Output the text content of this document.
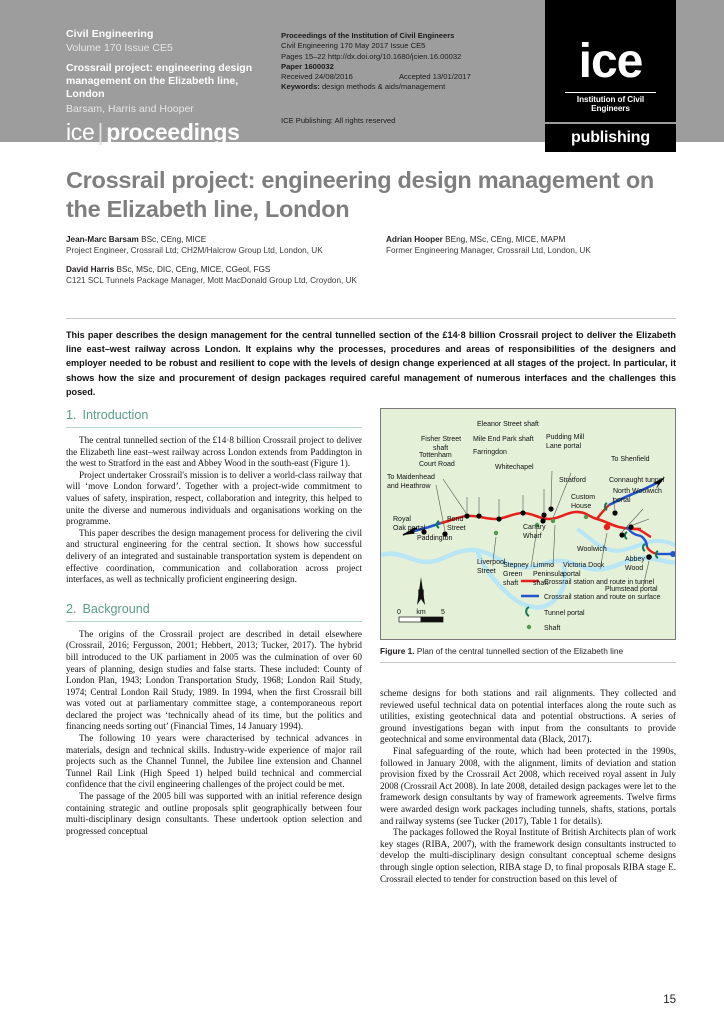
Civil Engineering
Volume 170 Issue CE5
Crossrail project: engineering design management on the Elizabeth line, London
Barsam, Harris and Hooper
ice | proceedings
Proceedings of the Institution of Civil Engineers
Civil Engineering 170 May 2017 Issue CE5
Pages 15–22 http://dx.doi.org/10.1680/jcien.16.00032
Paper 1600032
Received 24/08/2016	Accepted 13/01/2017
Keywords: design methods & aids/management
ICE Publishing: All rights reserved
ice
Institution of Civil Engineers
publishing
Crossrail project: engineering design management on the Elizabeth line, London
Jean-Marc Barsam BSc, CEng, MICE
Project Engineer, Crossrail Ltd; CH2M/Halcrow Group Ltd, London, UK
David Harris BSc, MSc, DIC, CEng, MICE, CGeol, FGS
C121 SCL Tunnels Package Manager, Mott MacDonald Group Ltd, Croydon, UK
Adrian Hooper BEng, MSc, CEng, MICE, MAPM
Former Engineering Manager, Crossrail Ltd, London, UK
This paper describes the design management for the central tunnelled section of the £14·8 billion Crossrail project to deliver the Elizabeth line east–west railway across London. It explains why the processes, procedures and areas of responsibilities of the designers and employer needed to be robust and resilient to cope with the levels of design change experienced at all stages of the project. In particular, it shows how the size and procurement of design packages required careful management of numerous interfaces and the challenges this posed.
1. Introduction

The central tunnelled section of the £14·8 billion Crossrail project to deliver the Elizabeth line east–west railway across London extends from Paddington in the west to Stratford in the east and Abbey Wood in the south-east (Figure 1).

Project undertaker Crossrail's mission is to deliver a world-class railway that will ‘move London forward’. Together with a project-wide commitment to values of safety, inspiration, respect, collaboration and integrity, this helped to unite the diverse and numerous individuals and organisations working on the programme.

This paper describes the design management process for delivering the civil and structural engineering for the central section. It shows how successful delivery of an integrated and sustainable transportation system is dependent on effective coordination, communication and collaboration across project interfaces, as well as technically proficient engineering design.

2. Background

The origins of the Crossrail project are described in detail elsewhere (Crossrail, 2016; Fergusson, 2001; Hebbert, 2013; Tucker, 2017). The hybrid bill introduced to the UK parliament in 2005 was the culmination of over 60 years of planning, design studies and false starts. These included: County of London Plan, 1943; London Transportation Study, 1968; London Rail Study, 1974; Central London Rail Study, 1989. In 1994, when the first Crossrail bill was voted out at parliamentary committee stage, a contemporaneous report declared the project was ‘technically ahead of its time, but the politics and financing needs sorting out’ (Financial Times, 14 January 1994).

The following 10 years were characterised by technical advances in materials, design and technical skills. Industry-wide experience of major rail projects such as the Channel Tunnel, the Jubilee line extension and Channel Tunnel Rail Link (High Speed 1) helped build technical and commercial confidence that the civil engineering challenges of the project could be met.

The passage of the 2005 bill was supported with an initial reference design containing strategic and outline proposals split geographically between four multi-disciplinary design consultants. These undertook option selection and progressed conceptual

N
0 km 5
Crossrail station and route in tunnel
Crossrail station and route on surface
Tunnel portal
Shaft
Eleanor Street shaft
Mile End Park shaft Pudding Mill
Lane portal
Fisher Street
shaft
Tottenham
Court Road
Farringdon
Whitechapel
To Maidenhead
and Heathrow
To Shenfield
Stratford	Connaught tunnel
North Woolwich
portal
Custom
House
Royal
Oak portal
Bond
Street
Paddington
Liverpool
Street
Canary
Wharf
Stepney
Green
shaft
Limmo
Peninsula
shaft
Victoria Dock
portal
Woolwich
Abbey
Wood
Plumstead portal
Figure 1. Plan of the central tunnelled section of the Elizabeth line

scheme designs for both stations and rail alignments. They collected and reviewed useful technical data on potential interfaces along the route such as utilities, existing geotechnical data and potential obstructions. A series of ground investigations began with input from the consultants to provide geotechnical and some environmental data (Black, 2017).

Final safeguarding of the route, which had been protected in the 1990s, followed in January 2008, with the alignment, limits of deviation and station provision fixed by the Crossrail Act 2008, which received royal assent in July 2008 (Crossrail Act 2008). In late 2008, detailed design packages were let to the framework design consultants by way of framework agreements. Twelve firms were awarded design work packages including tunnels, shafts, stations, portals and railway systems (see Tucker (2017), Table 1 for details).

The packages followed the Royal Institute of British Architects plan of work key stages (RIBA, 2007), with the framework design consultants instructed to develop the multi-disciplinary design consultant conceptual scheme designs through single option selection, RIBA stage D, to final proposals RIBA stage E. Crossrail elected to tender for construction based on this level of

15
